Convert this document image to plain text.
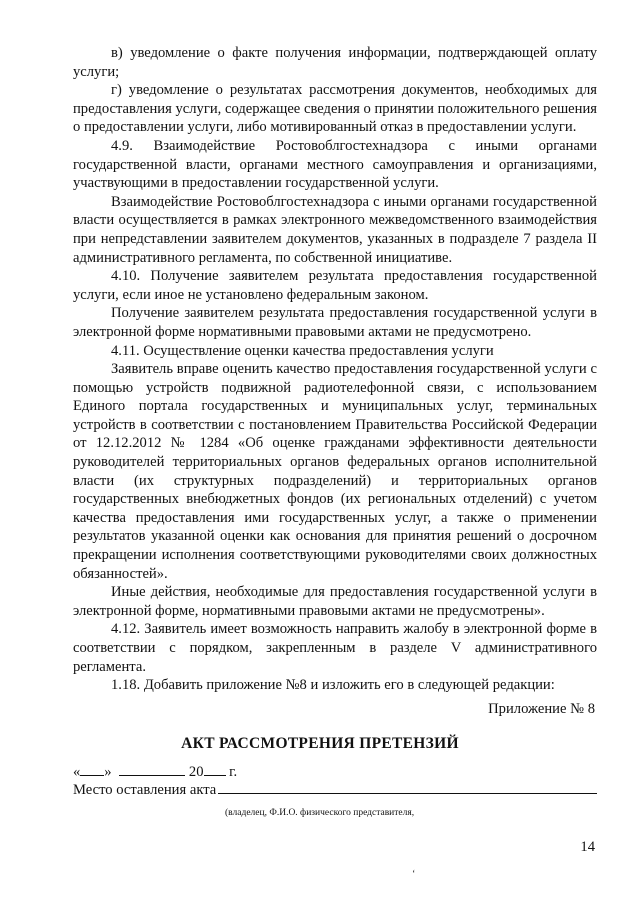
в) уведомление о факте получения информации, подтверждающей оплату услуги;

г) уведомление о результатах рассмотрения документов, необходимых для предоставления услуги, содержащее сведения о принятии положительного решения о предоставлении услуги, либо мотивированный отказ в предоставлении услуги.

4.9. Взаимодействие Ростовоблгостехнадзора с иными органами государственной власти, органами местного самоуправления и организациями, участвующими в предоставлении государственной услуги.

Взаимодействие Ростовоблгостехнадзора с иными органами государственной власти осуществляется в рамках электронного межведомственного взаимодействия при непредставлении заявителем документов, указанных в подразделе 7 раздела II административного регламента, по собственной инициативе.

4.10. Получение заявителем результата предоставления государственной услуги, если иное не установлено федеральным законом.

Получение заявителем результата предоставления государственной услуги в электронной форме нормативными правовыми актами не предусмотрено.

4.11. Осуществление оценки качества предоставления услуги

Заявитель вправе оценить качество предоставления государственной услуги с помощью устройств подвижной радиотелефонной связи, с использованием Единого портала государственных и муниципальных услуг, терминальных устройств в соответствии с постановлением Правительства Российской Федерации от 12.12.2012 № 1284 «Об оценке гражданами эффективности деятельности руководителей территориальных органов федеральных органов исполнительной власти (их структурных подразделений) и территориальных органов государственных внебюджетных фондов (их региональных отделений) с учетом качества предоставления ими государственных услуг, а также о применении результатов указанной оценки как основания для принятия решений о досрочном прекращении исполнения соответствующими руководителями своих должностных обязанностей».

Иные действия, необходимые для предоставления государственной услуги в электронной форме, нормативными правовыми актами не предусмотрены».

4.12. Заявитель имеет возможность направить жалобу в электронной форме в соответствии с порядком, закрепленным в разделе V административного регламента.

1.18. Добавить приложение №8 и изложить его в следующей редакции:

Приложение № 8
АКТ РАССМОТРЕНИЯ ПРЕТЕНЗИЙ
« »	20 г.
Место оставления акта
(владелец, Ф.И.О. физического представителя,
14
ʻ
